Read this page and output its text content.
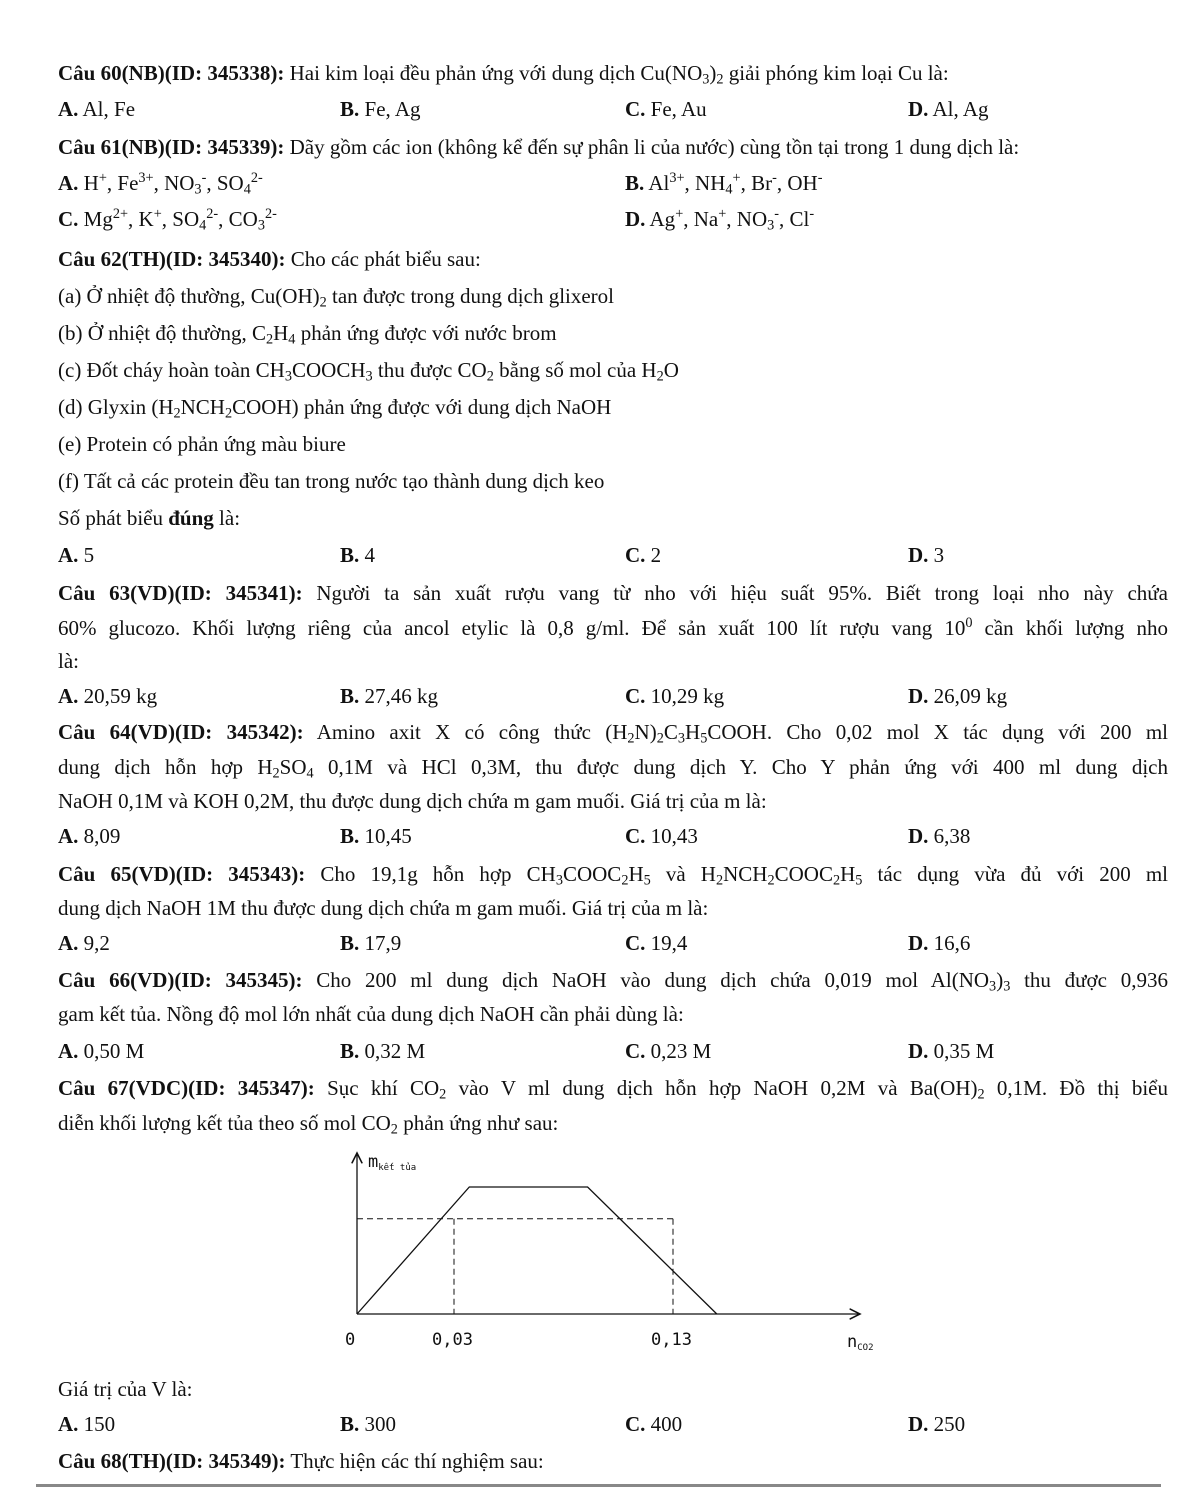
Câu 60(NB)(ID: 345338): Hai kim loại đều phản ứng với dung dịch $Cu(NO_3)_2$ giải phóng kim loại Cu là:
A. Al, Fe	B. Fe, Ag	C. Fe, Au	D. Al, Ag
Câu 61(NB)(ID: 345339): Dãy gồm các ion (không kể đến sự phân li của nước) cùng tồn tại trong 1 dung dịch là:
A. H+, $Fe^{3+}$, $NO_3^-$, $SO_4^{2-}$	B. $Al^{3+}$, $NH_4^+$, Br-, OH-
C. $Mg^{2+}$, K+, $SO_4^{2-}$, $CO_3^{2-}$	D. Ag+, Na+, $NO_3^-$, Cl-
Câu 62(TH)(ID: 345340): Cho các phát biểu sau:
(a) Ở nhiệt độ thường, $Cu(OH)_2$ tan được trong dung dịch glixerol
(b) Ở nhiệt độ thường, $C_2H_4$ phản ứng được với nước brom
(c) Đốt cháy hoàn toàn $CH_3COOCH_3$ thu được $CO_2$ bằng số mol của $H_2O$
(d) Glyxin $(H_2NCH_2COOH)$ phản ứng được với dung dịch NaOH
(e) Protein có phản ứng màu biure
(f) Tất cả các protein đều tan trong nước tạo thành dung dịch keo
Số phát biểu đúng là:
A. 5	B. 4	C. 2	D. 3
Câu 63(VD)(ID: 345341): Người ta sản xuất rượu vang từ nho với hiệu suất 95%. Biết trong loại nho này chứa
60% glucozo. Khối lượng riêng của ancol etylic là 0,8 g/ml. Để sản xuất 100 lít rượu vang $10^0$ cần khối lượng nho
là:
A. 20,59 kg	B. 27,46 kg	C. 10,29 kg	D. 26,09 kg
Câu 64(VD)(ID: 345342): Amino axit X có công thức $(H_2N)_2C_3H_5COOH$. Cho 0,02 mol X tác dụng với 200 ml
dung dịch hỗn hợp $H_2SO_4$ 0,1M và HCl 0,3M, thu được dung dịch Y. Cho Y phản ứng với 400 ml dung dịch
NaOH 0,1M và KOH 0,2M, thu được dung dịch chứa m gam muối. Giá trị của m là:
A. 8,09	B. 10,45	C. 10,43	D. 6,38
Câu 65(VD)(ID: 345343): Cho 19,1g hỗn hợp $CH_3COOC_2H_5$ và $H_2NCH_2COOC_2H_5$ tác dụng vừa đủ với 200 ml
dung dịch NaOH 1M thu được dung dịch chứa m gam muối. Giá trị của m là:
A. 9,2	B. 17,9	C. 19,4	D. 16,6
Câu 66(VD)(ID: 345345): Cho 200 ml dung dịch NaOH vào dung dịch chứa 0,019 mol $Al(NO_3)_3$ thu được 0,936
gam kết tủa. Nồng độ mol lớn nhất của dung dịch NaOH cần phải dùng là:
A. 0,50 M	B. 0,32 M	C. 0,23 M	D. 0,35 M
Câu 67(VDC)(ID: 345347): Sục khí $CO_2$ vào V ml dung dịch hỗn hợp NaOH 0,2M và $Ba(OH)_2$ 0,1M. Đồ thị biểu
diễn khối lượng kết tủa theo số mol $CO_2$ phản ứng như sau:
mkết tủa
0	0,03	0,13	nCO2
Giá trị của V là:
A. 150	B. 300	C. 400	D. 250
Câu 68(TH)(ID: 345349): Thực hiện các thí nghiệm sau:
